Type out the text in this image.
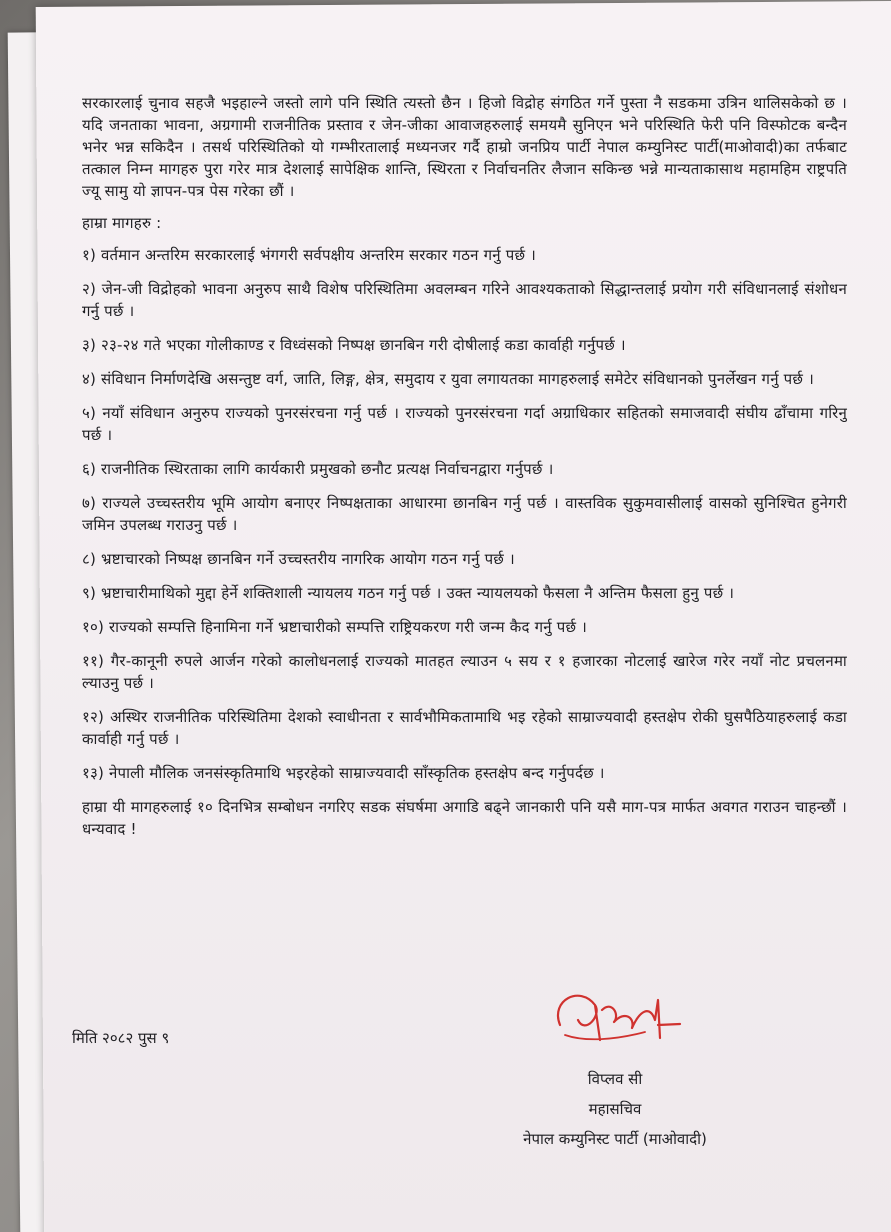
सरकारलाई चुनाव सहजै भइहाल्ने जस्तो लागे पनि स्थिति त्यस्तो छैन । हिजो विद्रोह संगठित गर्ने पुस्ता नै सडकमा उत्रिन थालिसकेको छ । यदि जनताका भावना, अग्रगामी राजनीतिक प्रस्ताव र जेन-जीका आवाजहरुलाई समयमै सुनिएन भने परिस्थिति फेरी पनि विस्फोटक बन्दैन भनेर भन्न सकिदैन । तसर्थ परिस्थितिको यो गम्भीरतालाई मध्यनजर गर्दै हाम्रो जनप्रिय पार्टी नेपाल कम्युनिस्ट पार्टी(माओवादी)का तर्फबाट तत्काल निम्न मागहरु पुरा गरेर मात्र देशलाई सापेक्षिक शान्ति, स्थिरता र निर्वाचनतिर लैजान सकिन्छ भन्ने मान्यताकासाथ महामहिम राष्ट्रपति ज्यू सामु यो ज्ञापन-पत्र पेस गरेका छौं ।

हाम्रा मागहरु :

१) वर्तमान अन्तरिम सरकारलाई भंगगरी सर्वपक्षीय अन्तरिम सरकार गठन गर्नु पर्छ ।

२) जेन-जी विद्रोहको भावना अनुरुप साथै विशेष परिस्थितिमा अवलम्बन गरिने आवश्यकताको सिद्धान्तलाई प्रयोग गरी संविधानलाई संशोधन गर्नु पर्छ ।

३) २३-२४ गते भएका गोलीकाण्ड र विध्वंसको निष्पक्ष छानबिन गरी दोषीलाई कडा कार्वाही गर्नुपर्छ ।

४) संविधान निर्माणदेखि असन्तुष्ट वर्ग, जाति, लिङ्ग, क्षेत्र, समुदाय र युवा लगायतका मागहरुलाई समेटेर संविधानको पुनर्लेखन गर्नु पर्छ ।

५) नयाँ संविधान अनुरुप राज्यको पुनरसंरचना गर्नु पर्छ । राज्यको पुनरसंरचना गर्दा अग्राधिकार सहितको समाजवादी संघीय ढाँचामा गरिनु पर्छ ।

६) राजनीतिक स्थिरताका लागि कार्यकारी प्रमुखको छनौट प्रत्यक्ष निर्वाचनद्वारा गर्नुपर्छ ।

७) राज्यले उच्चस्तरीय भूमि आयोग बनाएर निष्पक्षताका आधारमा छानबिन गर्नु पर्छ । वास्तविक सुकुमवासीलाई वासको सुनिश्चित हुनेगरी जमिन उपलब्ध गराउनु पर्छ ।

८) भ्रष्टाचारको निष्पक्ष छानबिन गर्ने उच्चस्तरीय नागरिक आयोग गठन गर्नु पर्छ ।

९) भ्रष्टाचारीमाथिको मुद्दा हेर्ने शक्तिशाली न्यायलय गठन गर्नु पर्छ । उक्त न्यायलयको फैसला नै अन्तिम फैसला हुनु पर्छ ।

१०) राज्यको सम्पत्ति हिनामिना गर्ने भ्रष्टाचारीको सम्पत्ति राष्ट्रियकरण गरी जन्म कैद गर्नु पर्छ ।

११) गैर-कानूनी रुपले आर्जन गरेको कालोधनलाई राज्यको मातहत ल्याउन ५ सय र १ हजारका नोटलाई खारेज गरेर नयाँ नोट प्रचलनमा ल्याउनु पर्छ ।

१२) अस्थिर राजनीतिक परिस्थितिमा देशको स्वाधीनता र सार्वभौमिकतामाथि भइ रहेको साम्राज्यवादी हस्तक्षेप रोकी घुसपैठियाहरुलाई कडा कार्वाही गर्नु पर्छ ।

१३) नेपाली मौलिक जनसंस्कृतिमाथि भइरहेको साम्राज्यवादी साँस्कृतिक हस्तक्षेप बन्द गर्नुपर्दछ ।

हाम्रा यी मागहरुलाई १० दिनभित्र सम्बोधन नगरिए सडक संघर्षमा अगाडि बढ्ने जानकारी पनि यसै माग-पत्र मार्फत अवगत गराउन चाहन्छौं । धन्यवाद !

मिति २०८२ पुस ९
विप्लव सी
महासचिव
नेपाल कम्युनिस्ट पार्टी (माओवादी)
